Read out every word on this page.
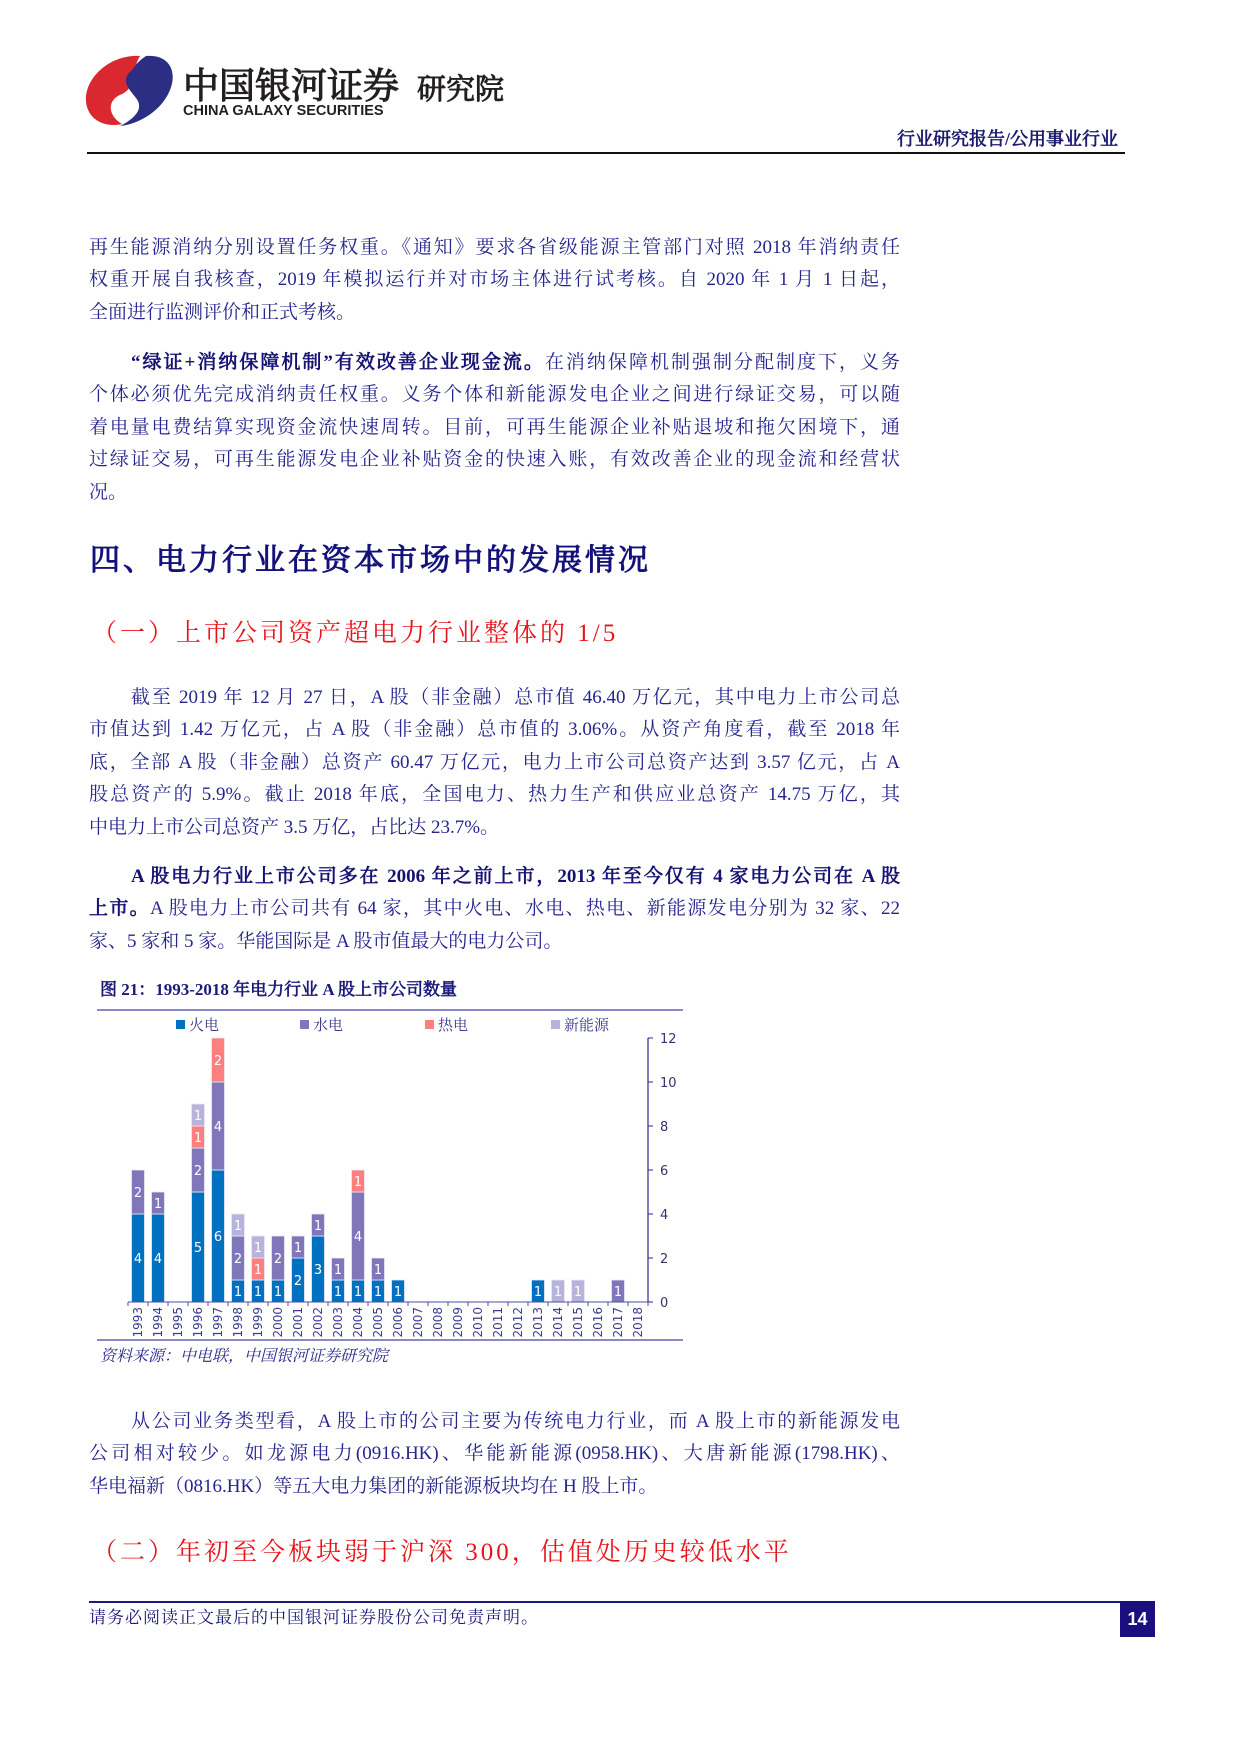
中国银河证券
CHINA GALAXY SECURITIES
研究院
行业研究报告/公用事业行业
再生能源消纳分别设置任务权重。《通知》要求各省级能源主管部门对照 2018 年消纳责任
权重开展自我核查，2019 年模拟运行并对市场主体进行试考核。自 2020 年 1 月 1 日起，
全面进行监测评价和正式考核。
“绿证+消纳保障机制”有效改善企业现金流。在消纳保障机制强制分配制度下，义务
个体必须优先完成消纳责任权重。义务个体和新能源发电企业之间进行绿证交易，可以随
着电量电费结算实现资金流快速周转。目前，可再生能源企业补贴退坡和拖欠困境下，通
过绿证交易，可再生能源发电企业补贴资金的快速入账，有效改善企业的现金流和经营状
况。
四、电力行业在资本市场中的发展情况
（一）上市公司资产超电力行业整体的 1/5
截至 2019 年 12 月 27 日，A 股（非金融）总市值 46.40 万亿元，其中电力上市公司总
市值达到 1.42 万亿元，占 A 股（非金融）总市值的 3.06%。从资产角度看，截至 2018 年
底，全部 A 股（非金融）总资产 60.47 万亿元，电力上市公司总资产达到 3.57 亿元，占 A
股总资产的 5.9%。截止 2018 年底，全国电力、热力生产和供应业总资产 14.75 万亿，其
中电力上市公司总资产 3.5 万亿，占比达 23.7%。
A 股电力行业上市公司多在 2006 年之前上市，2013 年至今仅有 4 家电力公司在 A 股
上市。A 股电力上市公司共有 64 家，其中火电、水电、热电、新能源发电分别为 32 家、22
家、5 家和 5 家。华能国际是 A 股市值最大的电力公司。
图 21：1993-2018 年电力行业 A 股上市公司数量
火电	水电	热电	新能源
4
2
1993
4
1
1994 1995
5
2
1
1
1996
6
4
2
1997
1
2
1
1998
1
1
1
1999
1
2
2000
2
1
2001
3
1
2002
1
1
2003
1
4
1
2004
1
1
2005
1
2006 2007 2008 2009 2010 2011 2012
1
2013
1
2014
1
2015 2016
1
2017 2018
0
2
4
6
8
10
12
资料来源：中电联，中国银河证券研究院
从公司业务类型看，A 股上市的公司主要为传统电力行业，而 A 股上市的新能源发电
公司相对较少。如龙源电力(0916.HK)、华能新能源(0958.HK)、大唐新能源(1798.HK)、
华电福新（0816.HK）等五大电力集团的新能源板块均在 H 股上市。
（二）年初至今板块弱于沪深 300，估值处历史较低水平
请务必阅读正文最后的中国银河证券股份公司免责声明。	14
